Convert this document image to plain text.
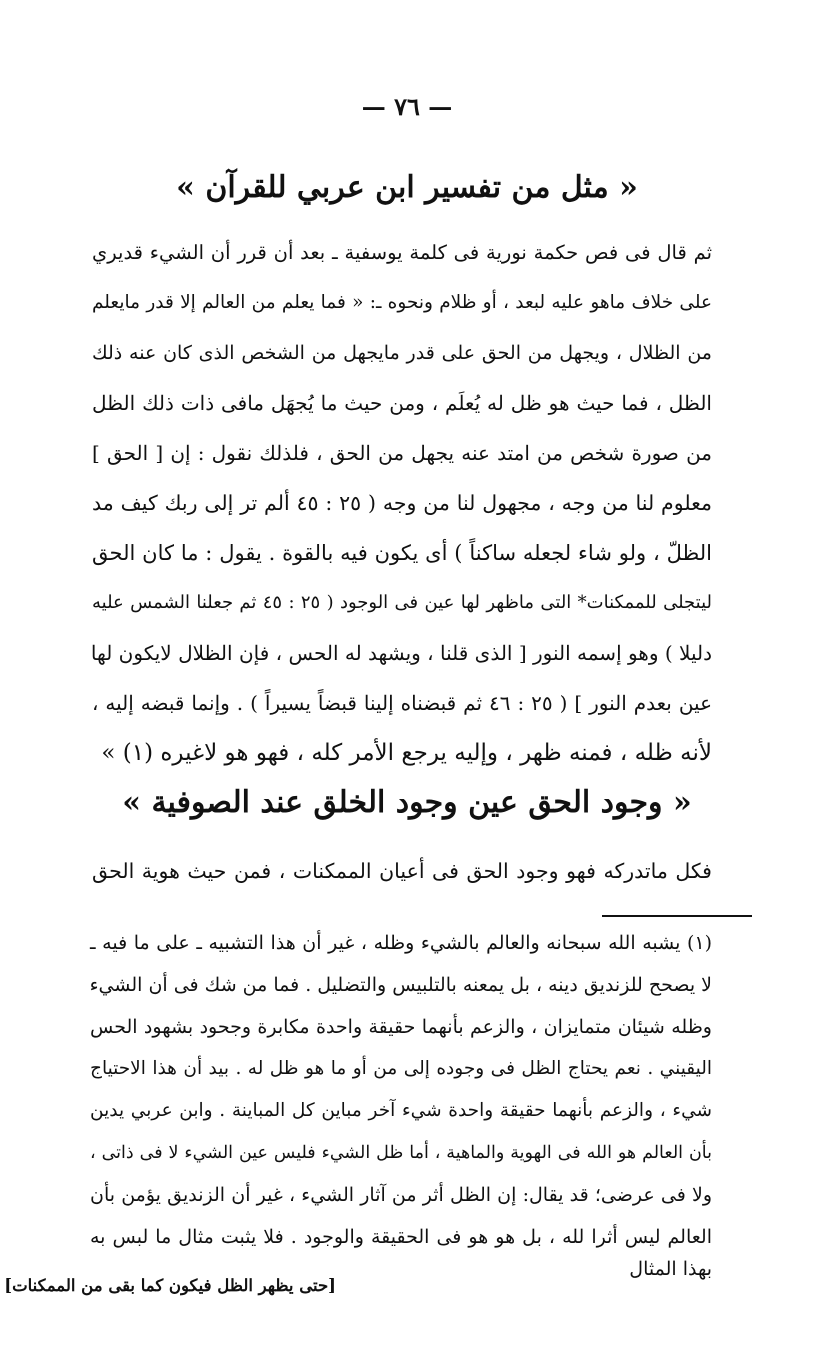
— ٧٦ —
« مثل من تفسير ابن عربي للقرآن »
ثم قال فى فص حكمة نورية فى كلمة يوسفية ـ بعد أن قرر أن الشيء قديري
على خلاف ماهو عليه لبعد ، أو ظلام ونحوه ـ: « فما يعلم من العالم إلا قدر مايعلم
من الظلال ، ويجهل من الحق على قدر مايجهل من الشخص الذى كان عنه ذلك
الظل ، فما حيث هو ظل له يُعلَم ، ومن حيث ما يُجهَل مافى ذات ذلك الظل
من صورة شخص من امتد عنه يجهل من الحق ، فلذلك نقول : إن [ الحق ]
معلوم لنا من وجه ، مجهول لنا من وجه ( ٢٥ : ٤٥ ألم تر إلى ربك كيف مد
الظلّ ، ولو شاء لجعله ساكناً ) أى يكون فيه بالقوة . يقول : ما كان الحق
ليتجلى للممكنات* التى ماظهر لها عين فى الوجود ( ٢٥ : ٤٥ ثم جعلنا الشمس عليه
دليلا ) وهو إسمه النور [ الذى قلنا ، ويشهد له الحس ، فإن الظلال لايكون لها
عين بعدم النور ] ( ٢٥ : ٤٦ ثم قبضناه إلينا قبضاً يسيراً ) . وإنما قبضه إليه ،
لأنه ظله ، فمنه ظهر ، وإليه يرجع الأمر كله ، فهو هو لاغيره (١) »
« وجود الحق عين وجود الخلق عند الصوفية »
فكل ماتدركه فهو وجود الحق فى أعيان الممكنات ، فمن حيث هوية الحق
(١) يشبه الله سبحانه والعالم بالشيء وظله ، غير أن هذا التشبيه ـ على ما فيه ـ
لا يصحح للزنديق دينه ، بل يمعنه بالتلبيس والتضليل . فما من شك فى أن الشيء
وظله شيئان متمايزان ، والزعم بأنهما حقيقة واحدة مكابرة وجحود بشهود الحس
اليقيني . نعم يحتاج الظل فى وجوده إلى من أو ما هو ظل له . بيد أن هذا الاحتياج
شيء ، والزعم بأنهما حقيقة واحدة شيء آخر مباين كل المباينة . وابن عربي يدين
بأن العالم هو الله فى الهوية والماهية ، أما ظل الشيء فليس عين الشيء لا فى ذاتى ،
ولا فى عرضى؛ قد يقال: إن الظل أثر من آثار الشيء ، غير أن الزنديق يؤمن بأن
العالم ليس أثرا لله ، بل هو هو فى الحقيقة والوجود . فلا يثبت مثال ما لبس به
بهذا المثال
[حتى يظهر الظل فيكون كما بقى من الممكنات]
